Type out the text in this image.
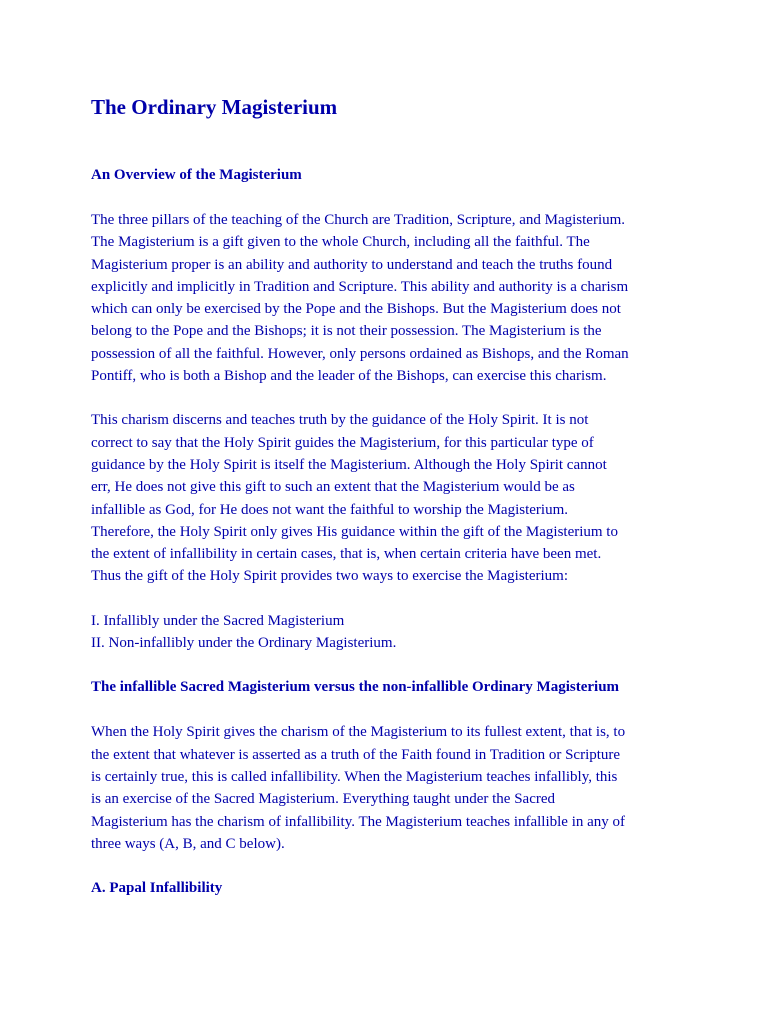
The Ordinary Magisterium
An Overview of the Magisterium

The three pillars of the teaching of the Church are Tradition, Scripture, and Magisterium.
The Magisterium is a gift given to the whole Church, including all the faithful. The
Magisterium proper is an ability and authority to understand and teach the truths found
explicitly and implicitly in Tradition and Scripture. This ability and authority is a charism
which can only be exercised by the Pope and the Bishops. But the Magisterium does not
belong to the Pope and the Bishops; it is not their possession. The Magisterium is the
possession of all the faithful. However, only persons ordained as Bishops, and the Roman
Pontiff, who is both a Bishop and the leader of the Bishops, can exercise this charism.

This charism discerns and teaches truth by the guidance of the Holy Spirit. It is not
correct to say that the Holy Spirit guides the Magisterium, for this particular type of
guidance by the Holy Spirit is itself the Magisterium. Although the Holy Spirit cannot
err, He does not give this gift to such an extent that the Magisterium would be as
infallible as God, for He does not want the faithful to worship the Magisterium.
Therefore, the Holy Spirit only gives His guidance within the gift of the Magisterium to
the extent of infallibility in certain cases, that is, when certain criteria have been met.
Thus the gift of the Holy Spirit provides two ways to exercise the Magisterium:

I. Infallibly under the Sacred Magisterium
II. Non-infallibly under the Ordinary Magisterium.
The infallible Sacred Magisterium versus the non-infallible Ordinary Magisterium

When the Holy Spirit gives the charism of the Magisterium to its fullest extent, that is, to
the extent that whatever is asserted as a truth of the Faith found in Tradition or Scripture
is certainly true, this is called infallibility. When the Magisterium teaches infallibly, this
is an exercise of the Sacred Magisterium. Everything taught under the Sacred
Magisterium has the charism of infallibility. The Magisterium teaches infallible in any of
three ways (A, B, and C below).

A. Papal Infallibility
